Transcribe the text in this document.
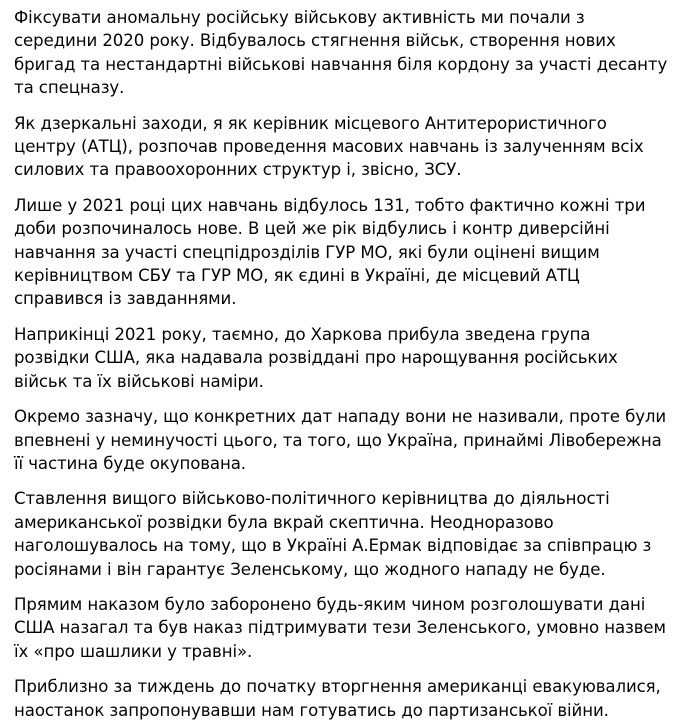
Фіксувати аномальну російську військову активність ми почали з середини 2020 року. Відбувалось стягнення військ, створення нових бригад та нестандартні військові навчання біля кордону за участі десанту та спецназу.

Як дзеркальні заходи, я як керівник місцевого Антитерористичного центру (АТЦ), розпочав проведення масових навчань із залученням всіх силових та правоохоронних структур і, звісно, ЗСУ.

Лише у 2021 році цих навчань відбулось 131, тобто фактично кожні три доби розпочиналось нове. В цей же рік відбулись і контр диверсійні навчання за участі спецпідрозділів ГУР МО, які були оцінені вищим керівництвом СБУ та ГУР МО, як єдині в Україні, де місцевий АТЦ справився із завданнями.

Наприкінці 2021 року, таємно, до Харкова прибула зведена група розвідки США, яка надавала розвіддані про нарощування російських військ та їх військові наміри.

Окремо зазначу, що конкретних дат нападу вони не називали, проте були впевнені у неминучості цього, та того, що Україна, принаймі Лівобережна її частина буде окупована.

Ставлення вищого військово-політичного керівництва до діяльності американської розвідки була вкрай скептична. Неодноразово наголошувалось на тому, що в Україні А.Ермак відповідає за співпрацю з росіянами і він гарантує Зеленському, що жодного нападу не буде.

Прямим наказом було заборонено будь-яким чином розголошувати дані США назагал та був наказ підтримувати тези Зеленського, умовно назвем їх «про шашлики у травні».

Приблизно за тиждень до початку вторгнення американці евакуювалися, наостанок запропонувавши нам готуватись до партизанської війни.
